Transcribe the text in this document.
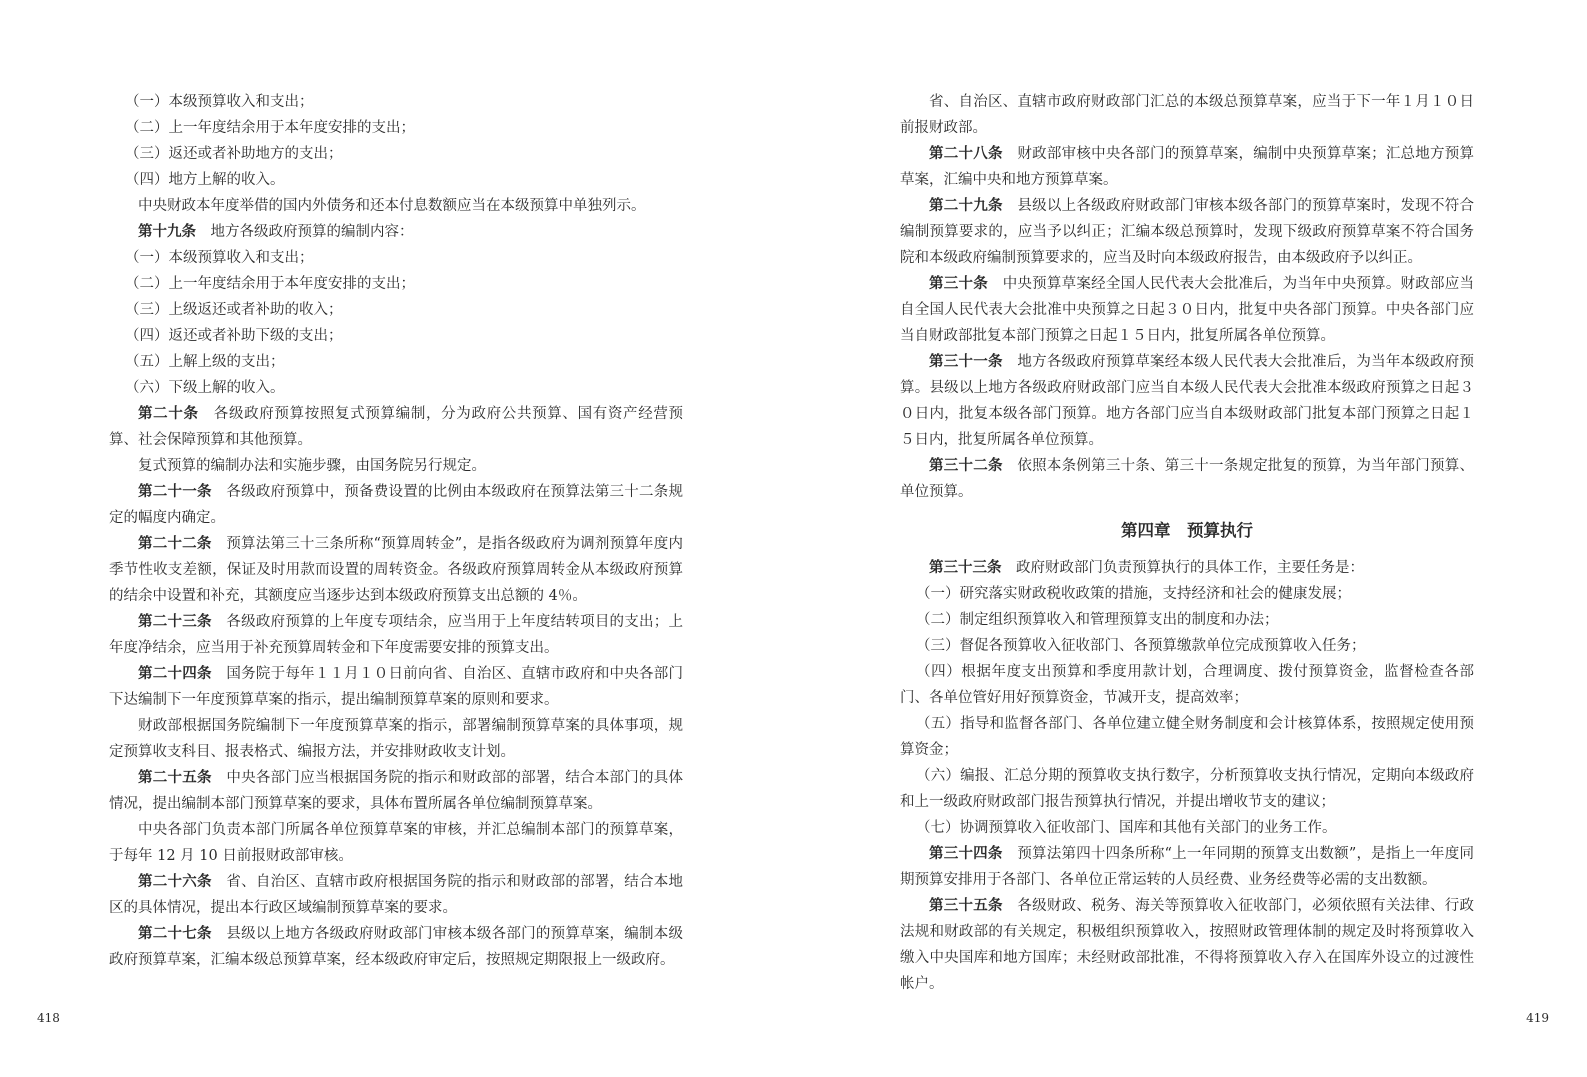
（一）本级预算收入和支出；

（二）上一年度结余用于本年度安排的支出；

（三）返还或者补助地方的支出；

（四）地方上解的收入。

中央财政本年度举借的国内外债务和还本付息数额应当在本级预算中单独列示。

第十九条　地方各级政府预算的编制内容：

（一）本级预算收入和支出；

（二）上一年度结余用于本年度安排的支出；

（三）上级返还或者补助的收入；

（四）返还或者补助下级的支出；

（五）上解上级的支出；

（六）下级上解的收入。

第二十条　各级政府预算按照复式预算编制，分为政府公共预算、国有资产经营预算、社会保障预算和其他预算。

复式预算的编制办法和实施步骤，由国务院另行规定。

第二十一条　各级政府预算中，预备费设置的比例由本级政府在预算法第三十二条规定的幅度内确定。

第二十二条　预算法第三十三条所称“预算周转金”，是指各级政府为调剂预算年度内季节性收支差额，保证及时用款而设置的周转资金。各级政府预算周转金从本级政府预算的结余中设置和补充，其额度应当逐步达到本级政府预算支出总额的 4％。

第二十三条　各级政府预算的上年度专项结余，应当用于上年度结转项目的支出；上年度净结余，应当用于补充预算周转金和下年度需要安排的预算支出。

第二十四条　国务院于每年１１月１０日前向省、自治区、直辖市政府和中央各部门下达编制下一年度预算草案的指示，提出编制预算草案的原则和要求。

财政部根据国务院编制下一年度预算草案的指示，部署编制预算草案的具体事项，规定预算收支科目、报表格式、编报方法，并安排财政收支计划。

第二十五条　中央各部门应当根据国务院的指示和财政部的部署，结合本部门的具体情况，提出编制本部门预算草案的要求，具体布置所属各单位编制预算草案。

中央各部门负责本部门所属各单位预算草案的审核，并汇总编制本部门的预算草案，于每年 12 月 10 日前报财政部审核。

第二十六条　省、自治区、直辖市政府根据国务院的指示和财政部的部署，结合本地区的具体情况，提出本行政区域编制预算草案的要求。

第二十七条　县级以上地方各级政府财政部门审核本级各部门的预算草案，编制本级政府预算草案，汇编本级总预算草案，经本级政府审定后，按照规定期限报上一级政府。

418

省、自治区、直辖市政府财政部门汇总的本级总预算草案，应当于下一年１月１０日前报财政部。

第二十八条　财政部审核中央各部门的预算草案，编制中央预算草案；汇总地方预算草案，汇编中央和地方预算草案。

第二十九条　县级以上各级政府财政部门审核本级各部门的预算草案时，发现不符合编制预算要求的，应当予以纠正；汇编本级总预算时，发现下级政府预算草案不符合国务院和本级政府编制预算要求的，应当及时向本级政府报告，由本级政府予以纠正。

第三十条　中央预算草案经全国人民代表大会批准后，为当年中央预算。财政部应当自全国人民代表大会批准中央预算之日起３０日内，批复中央各部门预算。中央各部门应当自财政部批复本部门预算之日起１５日内，批复所属各单位预算。

第三十一条　地方各级政府预算草案经本级人民代表大会批准后，为当年本级政府预算。县级以上地方各级政府财政部门应当自本级人民代表大会批准本级政府预算之日起３０日内，批复本级各部门预算。地方各部门应当自本级财政部门批复本部门预算之日起１５日内，批复所属各单位预算。

第三十二条　依照本条例第三十条、第三十一条规定批复的预算，为当年部门预算、单位预算。

第四章　预算执行

第三十三条　政府财政部门负责预算执行的具体工作，主要任务是：

（一）研究落实财政税收政策的措施，支持经济和社会的健康发展；

（二）制定组织预算收入和管理预算支出的制度和办法；

（三）督促各预算收入征收部门、各预算缴款单位完成预算收入任务；

（四）根据年度支出预算和季度用款计划，合理调度、拨付预算资金，监督检查各部门、各单位管好用好预算资金，节减开支，提高效率；

（五）指导和监督各部门、各单位建立健全财务制度和会计核算体系，按照规定使用预算资金；

（六）编报、汇总分期的预算收支执行数字，分析预算收支执行情况，定期向本级政府和上一级政府财政部门报告预算执行情况，并提出增收节支的建议；

（七）协调预算收入征收部门、国库和其他有关部门的业务工作。

第三十四条　预算法第四十四条所称“上一年同期的预算支出数额”，是指上一年度同期预算安排用于各部门、各单位正常运转的人员经费、业务经费等必需的支出数额。

第三十五条　各级财政、税务、海关等预算收入征收部门，必须依照有关法律、行政法规和财政部的有关规定，积极组织预算收入，按照财政管理体制的规定及时将预算收入缴入中央国库和地方国库；未经财政部批准，不得将预算收入存入在国库外设立的过渡性帐户。

419
